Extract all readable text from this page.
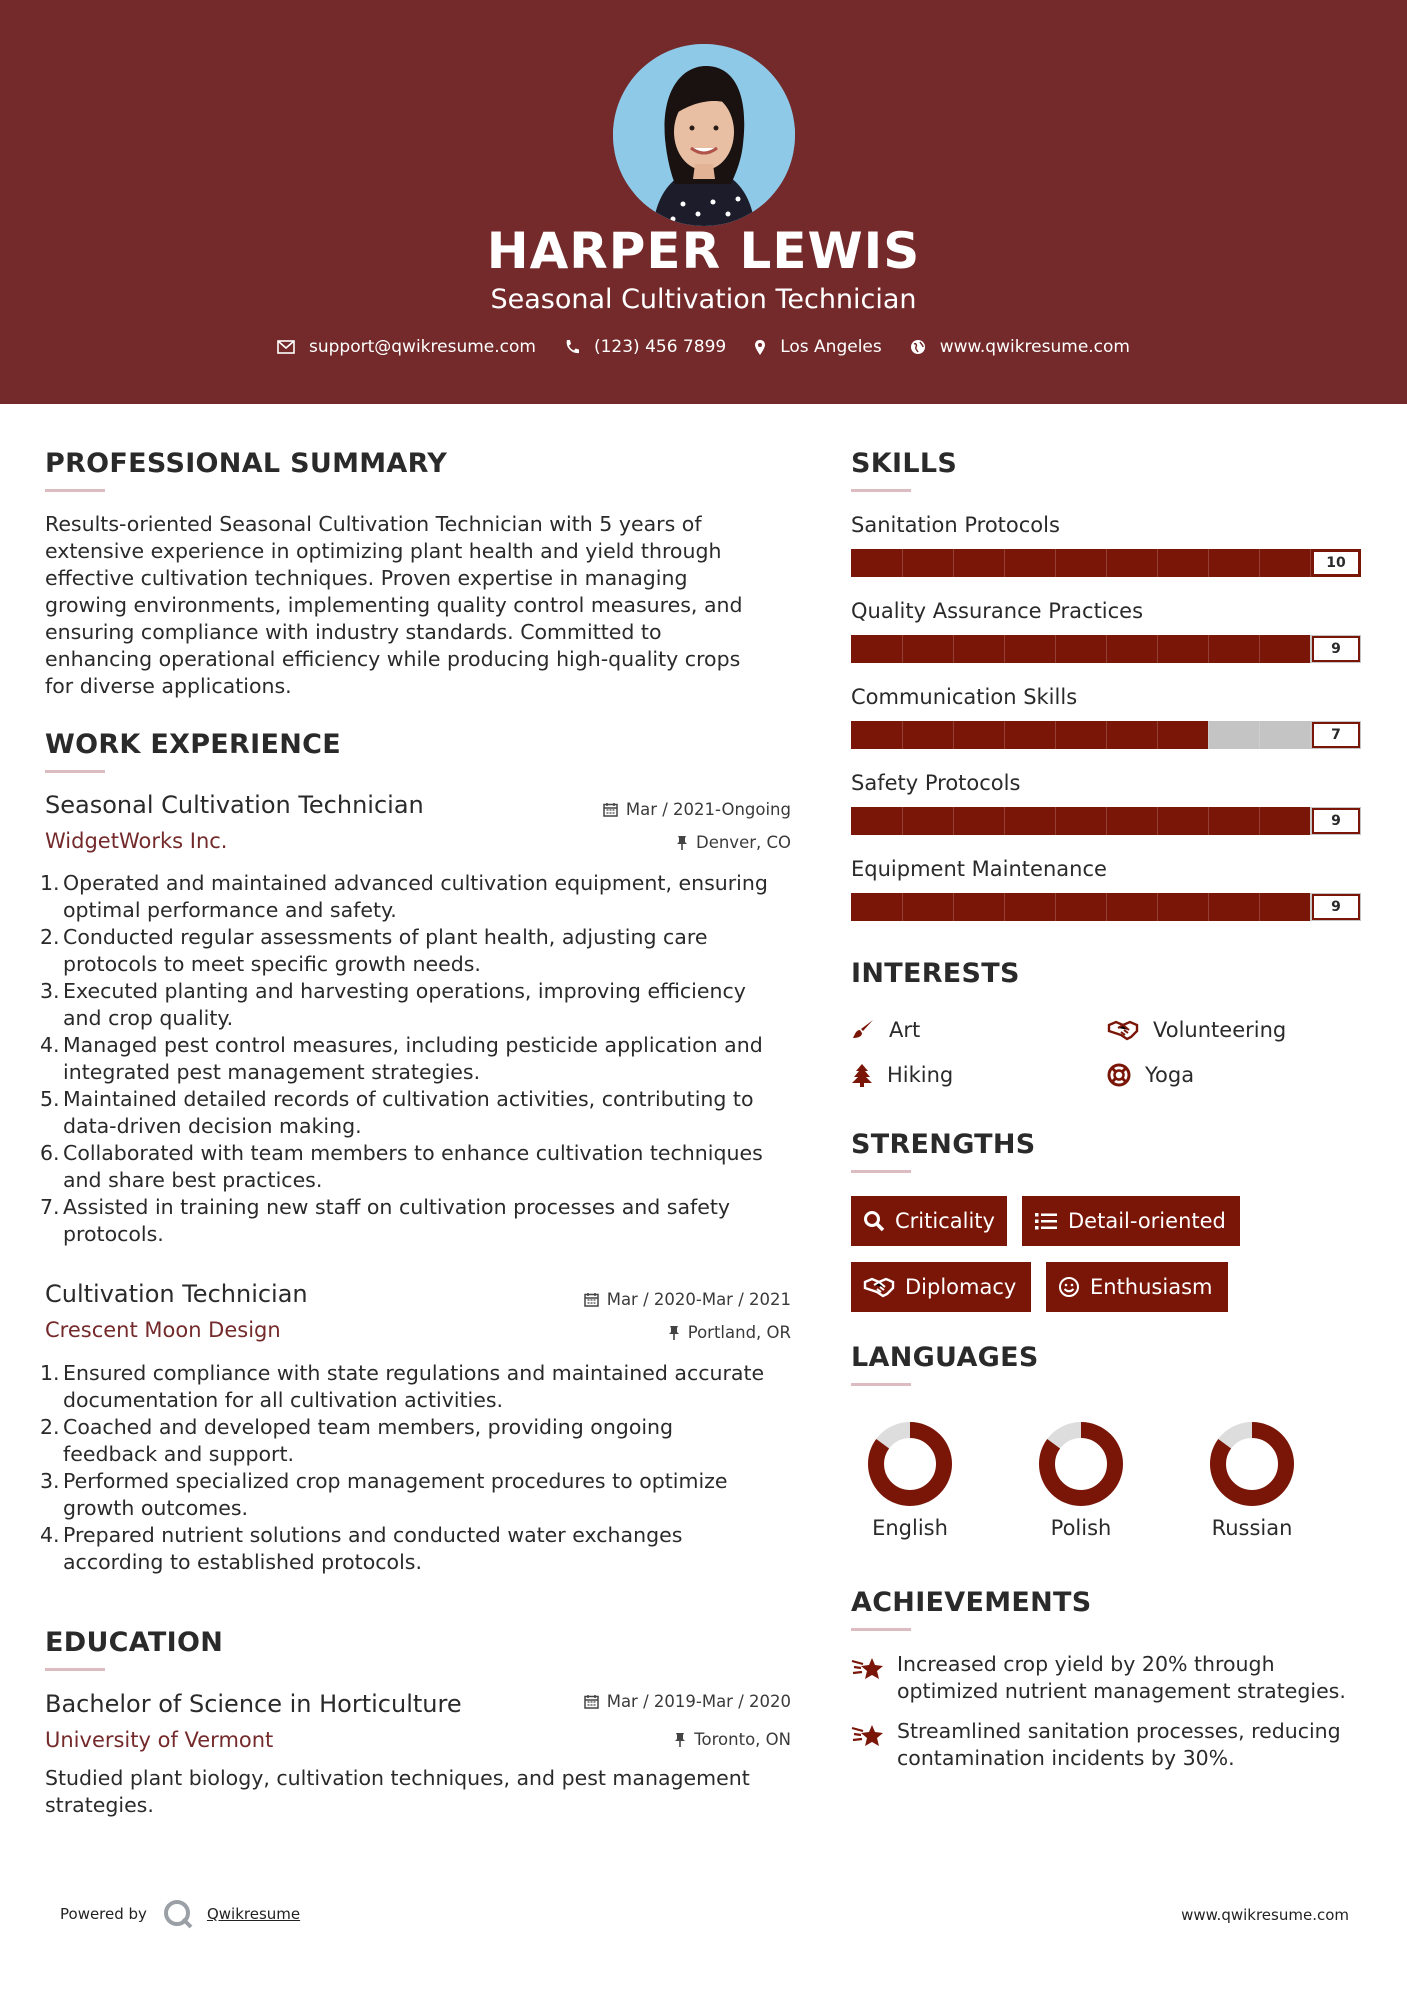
HARPER LEWIS
Seasonal Cultivation Technician
support@qwikresume.com	(123) 456 7899	Los Angeles	www.qwikresume.com
PROFESSIONAL SUMMARY
Results-oriented Seasonal Cultivation Technician with 5 years of
extensive experience in optimizing plant health and yield through
effective cultivation techniques. Proven expertise in managing
growing environments, implementing quality control measures, and
ensuring compliance with industry standards. Committed to
enhancing operational efficiency while producing high-quality crops
for diverse applications.
WORK EXPERIENCE
Seasonal Cultivation Technician	Mar / 2021-Ongoing
WidgetWorks Inc.	Denver, CO
1. Operated and maintained advanced cultivation equipment, ensuring
optimal performance and safety.
2. Conducted regular assessments of plant health, adjusting care
protocols to meet specific growth needs.
3. Executed planting and harvesting operations, improving efficiency
and crop quality.
4. Managed pest control measures, including pesticide application and
integrated pest management strategies.
5. Maintained detailed records of cultivation activities, contributing to
data-driven decision making.
6. Collaborated with team members to enhance cultivation techniques
and share best practices.
7. Assisted in training new staff on cultivation processes and safety
protocols.
Cultivation Technician	Mar / 2020-Mar / 2021
Crescent Moon Design	Portland, OR
1. Ensured compliance with state regulations and maintained accurate
documentation for all cultivation activities.
2. Coached and developed team members, providing ongoing
feedback and support.
3. Performed specialized crop management procedures to optimize
growth outcomes.
4. Prepared nutrient solutions and conducted water exchanges
according to established protocols.
EDUCATION
Bachelor of Science in Horticulture	Mar / 2019-Mar / 2020
University of Vermont	Toronto, ON
Studied plant biology, cultivation techniques, and pest management
strategies.
SKILLS
Sanitation Protocols
10
Quality Assurance Practices
9
Communication Skills
7
Safety Protocols
9
Equipment Maintenance
9
INTERESTS
Art	Volunteering
Hiking	Yoga
STRENGTHS
Criticality	Detail-oriented
Diplomacy	Enthusiasm
LANGUAGES
English	Polish	Russian
ACHIEVEMENTS
Increased crop yield by 20% through
optimized nutrient management strategies.
Streamlined sanitation processes, reducing
contamination incidents by 30%.
Powered by	Qwikresume	www.qwikresume.com
